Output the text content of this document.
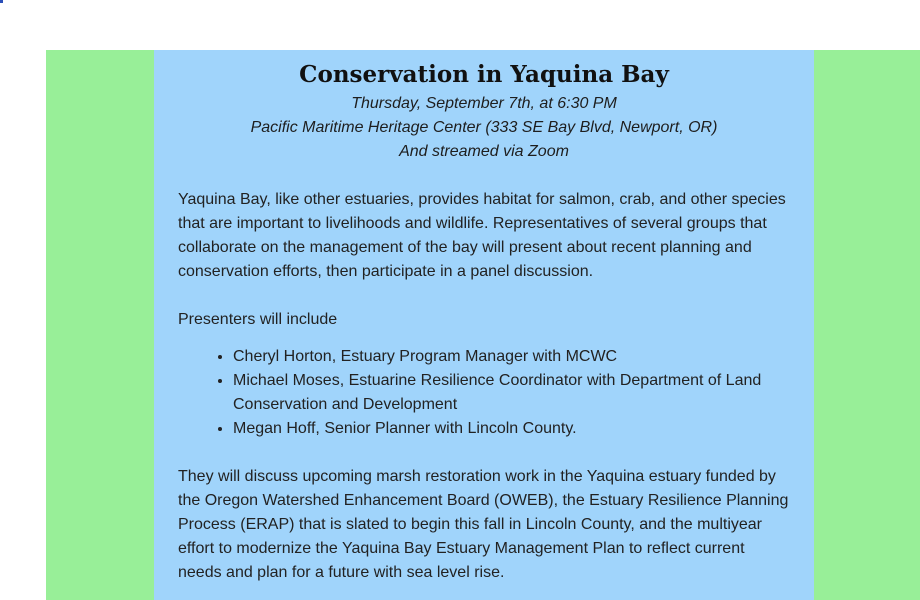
Conservation in Yaquina Bay
Thursday, September 7th, at 6:30 PM
Pacific Maritime Heritage Center (333 SE Bay Blvd, Newport, OR)
And streamed via Zoom

Yaquina Bay, like other estuaries, provides habitat for salmon, crab, and other species that are important to livelihoods and wildlife. Representatives of several groups that collaborate on the management of the bay will present about recent planning and conservation efforts, then participate in a panel discussion.

Presenters will include

• Cheryl Horton, Estuary Program Manager with MCWC
• Michael Moses, Estuarine Resilience Coordinator with Department of Land Conservation and Development
• Megan Hoff, Senior Planner with Lincoln County.

They will discuss upcoming marsh restoration work in the Yaquina estuary funded by the Oregon Watershed Enhancement Board (OWEB), the Estuary Resilience Planning Process (ERAP) that is slated to begin this fall in Lincoln County, and the multiyear effort to modernize the Yaquina Bay Estuary Management Plan to reflect current needs and plan for a future with sea level rise.
